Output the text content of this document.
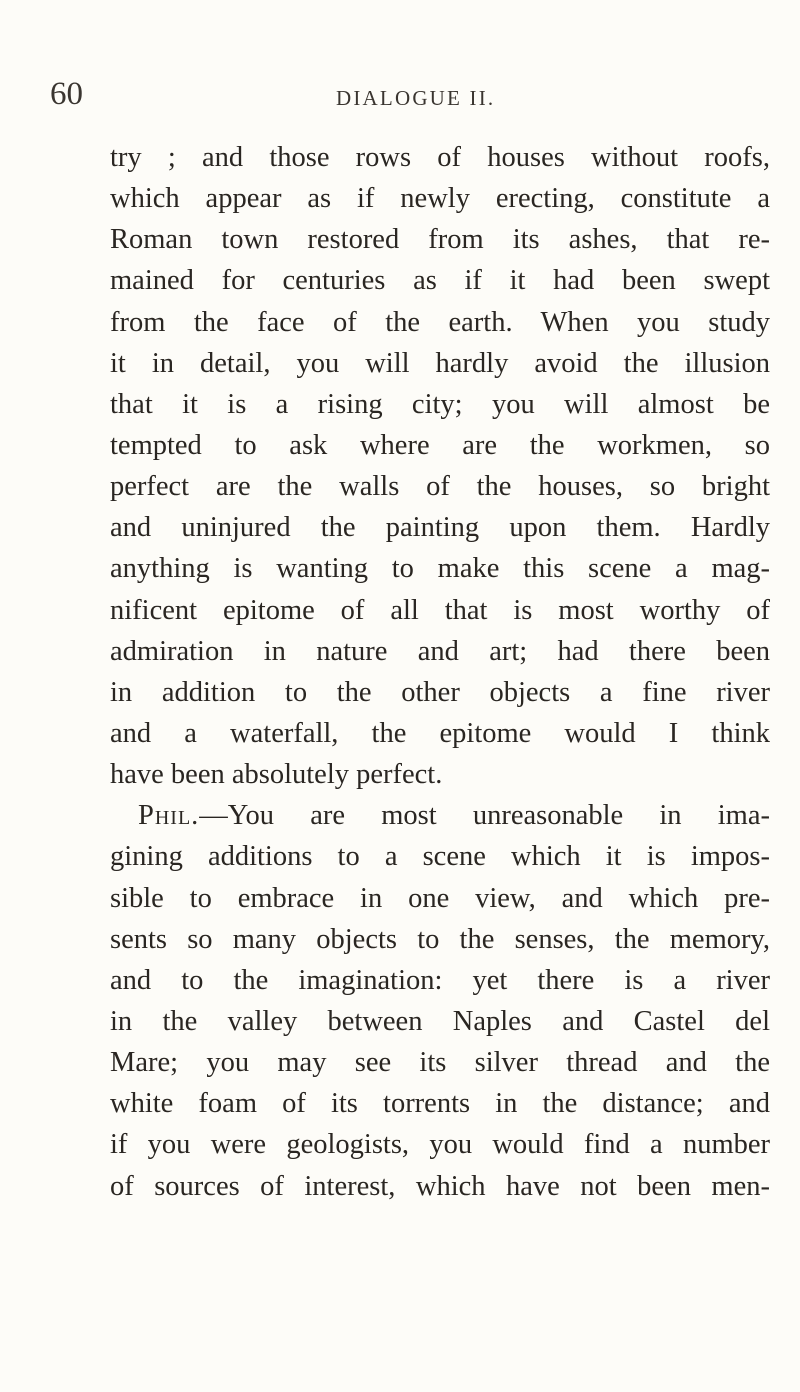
60	DIALOGUE II.
try ; and those rows of houses without roofs,
which appear as if newly erecting, constitute a
Roman town restored from its ashes, that re-
mained for centuries as if it had been swept
from the face of the earth. When you study
it in detail, you will hardly avoid the illusion
that it is a rising city; you will almost be
tempted to ask where are the workmen, so
perfect are the walls of the houses, so bright
and uninjured the painting upon them. Hardly
anything is wanting to make this scene a mag-
nificent epitome of all that is most worthy of
admiration in nature and art; had there been
in addition to the other objects a fine river
and a waterfall, the epitome would I think
have been absolutely perfect.
Phil.—You are most unreasonable in ima-
gining additions to a scene which it is impos-
sible to embrace in one view, and which pre-
sents so many objects to the senses, the memory,
and to the imagination: yet there is a river
in the valley between Naples and Castel del
Mare; you may see its silver thread and the
white foam of its torrents in the distance; and
if you were geologists, you would find a number
of sources of interest, which have not been men-
